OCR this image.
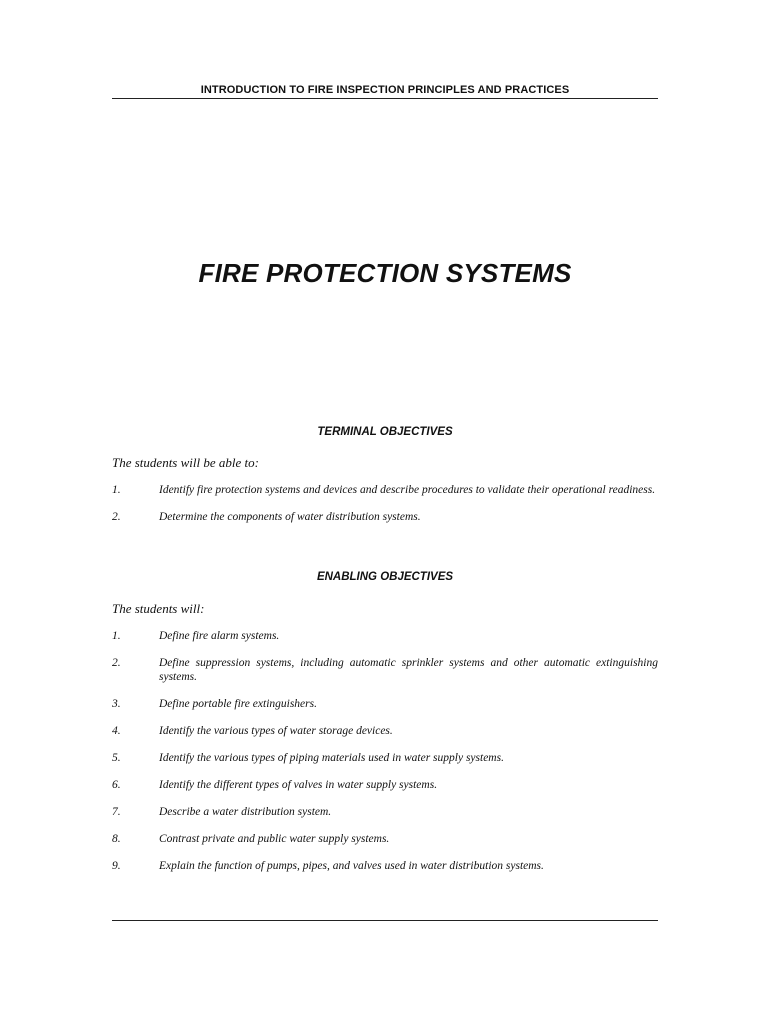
INTRODUCTION TO FIRE INSPECTION PRINCIPLES AND PRACTICES
FIRE PROTECTION SYSTEMS
TERMINAL OBJECTIVES
The students will be able to:
1.	Identify fire protection systems and devices and describe procedures to validate their operational readiness.
2.	Determine the components of water distribution systems.
ENABLING OBJECTIVES
The students will:
1.	Define fire alarm systems.
2.	Define suppression systems, including automatic sprinkler systems and other automatic extinguishing systems.
3.	Define portable fire extinguishers.
4.	Identify the various types of water storage devices.
5.	Identify the various types of piping materials used in water supply systems.
6.	Identify the different types of valves in water supply systems.
7.	Describe a water distribution system.
8.	Contrast private and public water supply systems.
9.	Explain the function of pumps, pipes, and valves used in water distribution systems.
